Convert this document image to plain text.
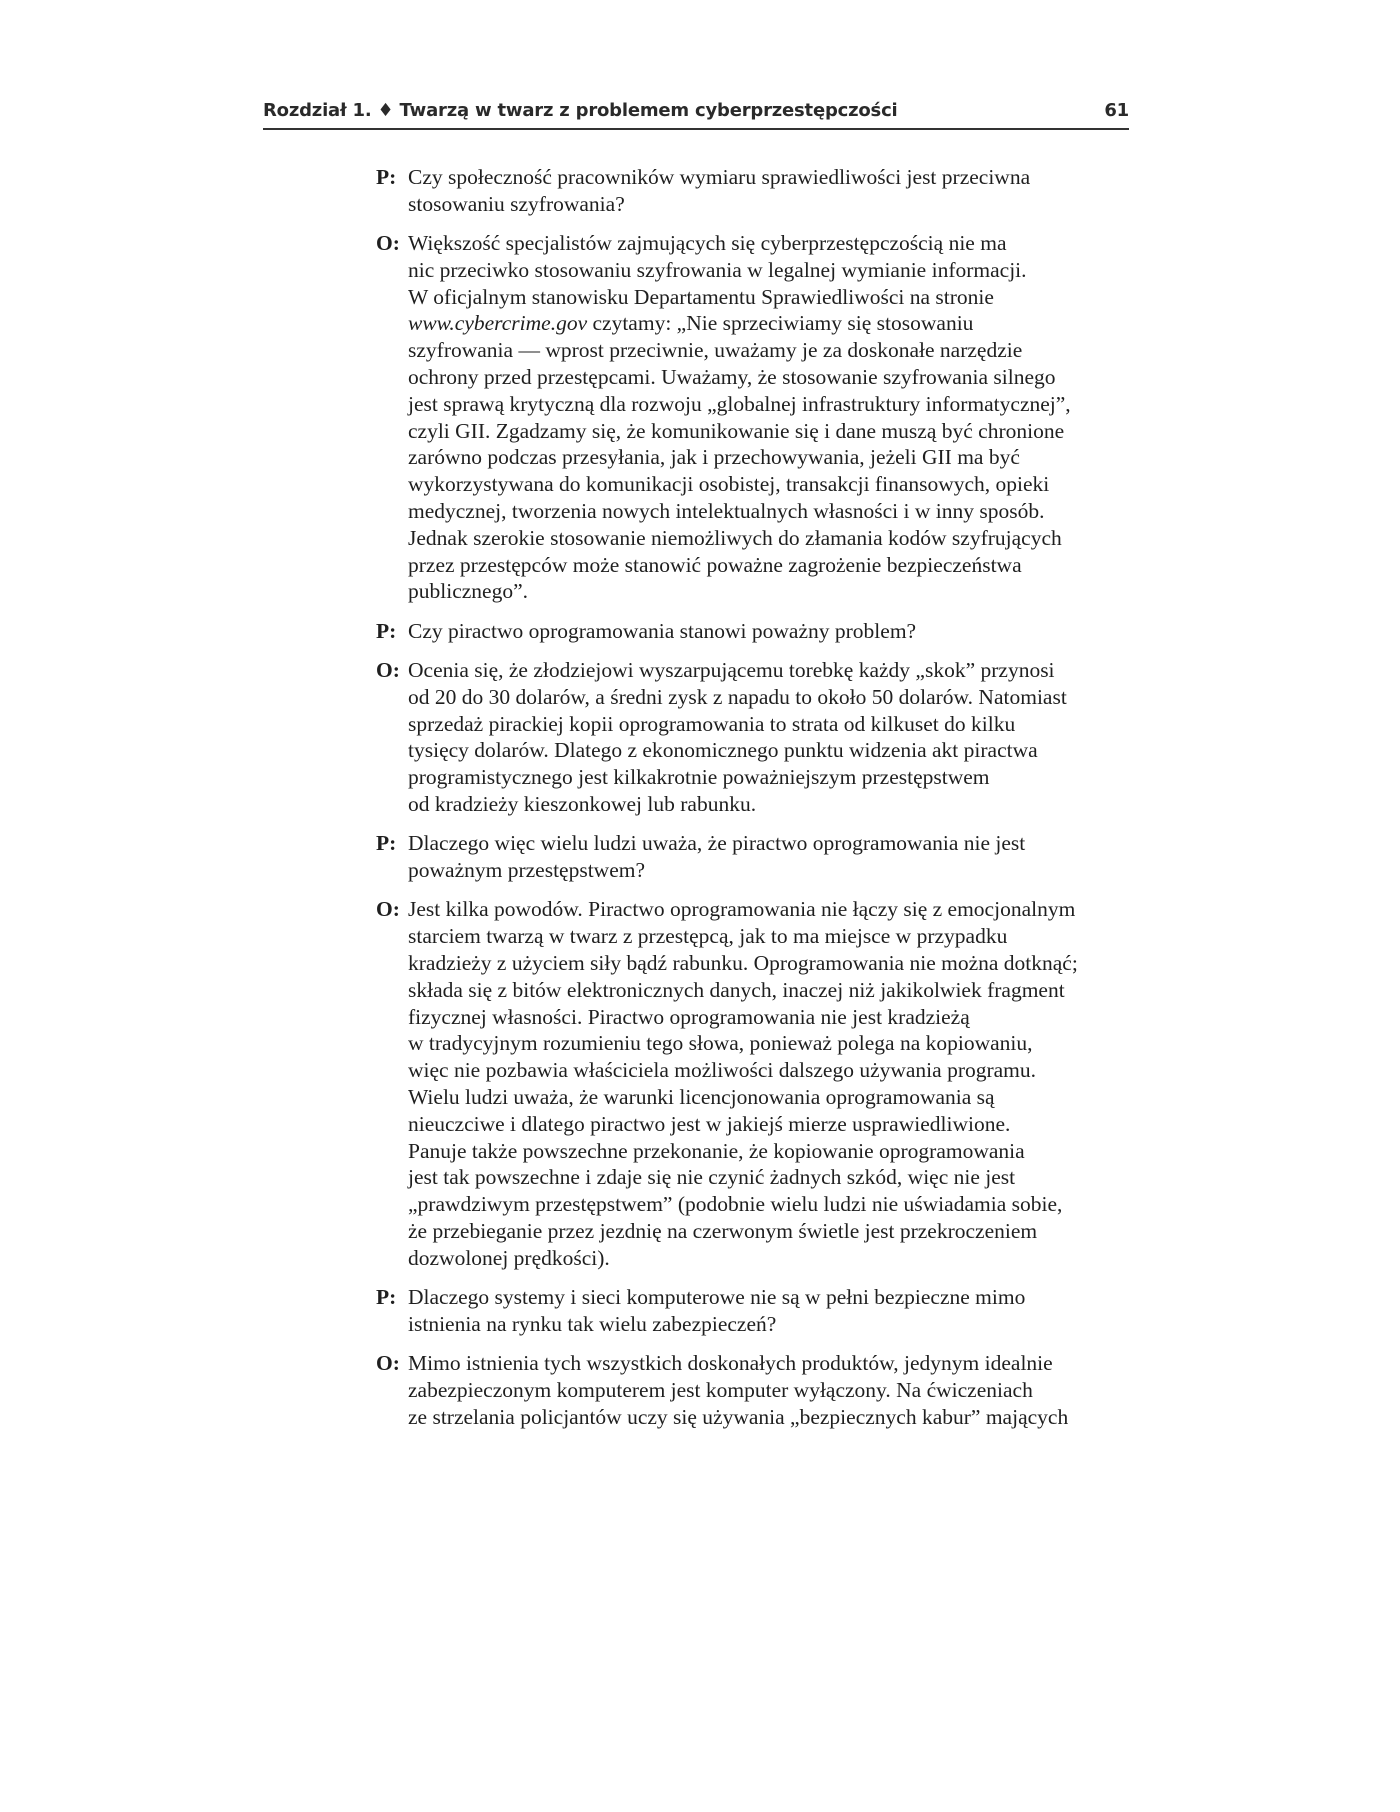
Rozdział 1. ♦ Twarzą w twarz z problemem cyberprzestępczości	61
P: Czy społeczność pracowników wymiaru sprawiedliwości jest przeciwna
stosowaniu szyfrowania?
O: Większość specjalistów zajmujących się cyberprzestępczością nie ma
nic przeciwko stosowaniu szyfrowania w legalnej wymianie informacji.
W oficjalnym stanowisku Departamentu Sprawiedliwości na stronie
www.cybercrime.gov czytamy: „Nie sprzeciwiamy się stosowaniu
szyfrowania — wprost przeciwnie, uważamy je za doskonałe narzędzie
ochrony przed przestępcami. Uważamy, że stosowanie szyfrowania silnego
jest sprawą krytyczną dla rozwoju „globalnej infrastruktury informatycznej”,
czyli GII. Zgadzamy się, że komunikowanie się i dane muszą być chronione
zarówno podczas przesyłania, jak i przechowywania, jeżeli GII ma być
wykorzystywana do komunikacji osobistej, transakcji finansowych, opieki
medycznej, tworzenia nowych intelektualnych własności i w inny sposób.
Jednak szerokie stosowanie niemożliwych do złamania kodów szyfrujących
przez przestępców może stanowić poważne zagrożenie bezpieczeństwa
publicznego”.
P: Czy piractwo oprogramowania stanowi poważny problem?
O: Ocenia się, że złodziejowi wyszarpującemu torebkę każdy „skok” przynosi
od 20 do 30 dolarów, a średni zysk z napadu to około 50 dolarów. Natomiast
sprzedaż pirackiej kopii oprogramowania to strata od kilkuset do kilku
tysięcy dolarów. Dlatego z ekonomicznego punktu widzenia akt piractwa
programistycznego jest kilkakrotnie poważniejszym przestępstwem
od kradzieży kieszonkowej lub rabunku.
P: Dlaczego więc wielu ludzi uważa, że piractwo oprogramowania nie jest
poważnym przestępstwem?
O: Jest kilka powodów. Piractwo oprogramowania nie łączy się z emocjonalnym
starciem twarzą w twarz z przestępcą, jak to ma miejsce w przypadku
kradzieży z użyciem siły bądź rabunku. Oprogramowania nie można dotknąć;
składa się z bitów elektronicznych danych, inaczej niż jakikolwiek fragment
fizycznej własności. Piractwo oprogramowania nie jest kradzieżą
w tradycyjnym rozumieniu tego słowa, ponieważ polega na kopiowaniu,
więc nie pozbawia właściciela możliwości dalszego używania programu.
Wielu ludzi uważa, że warunki licencjonowania oprogramowania są
nieuczciwe i dlatego piractwo jest w jakiejś mierze usprawiedliwione.
Panuje także powszechne przekonanie, że kopiowanie oprogramowania
jest tak powszechne i zdaje się nie czynić żadnych szkód, więc nie jest
„prawdziwym przestępstwem” (podobnie wielu ludzi nie uświadamia sobie,
że przebieganie przez jezdnię na czerwonym świetle jest przekroczeniem
dozwolonej prędkości).
P: Dlaczego systemy i sieci komputerowe nie są w pełni bezpieczne mimo
istnienia na rynku tak wielu zabezpieczeń?
O: Mimo istnienia tych wszystkich doskonałych produktów, jedynym idealnie
zabezpieczonym komputerem jest komputer wyłączony. Na ćwiczeniach
ze strzelania policjantów uczy się używania „bezpiecznych kabur” mających
